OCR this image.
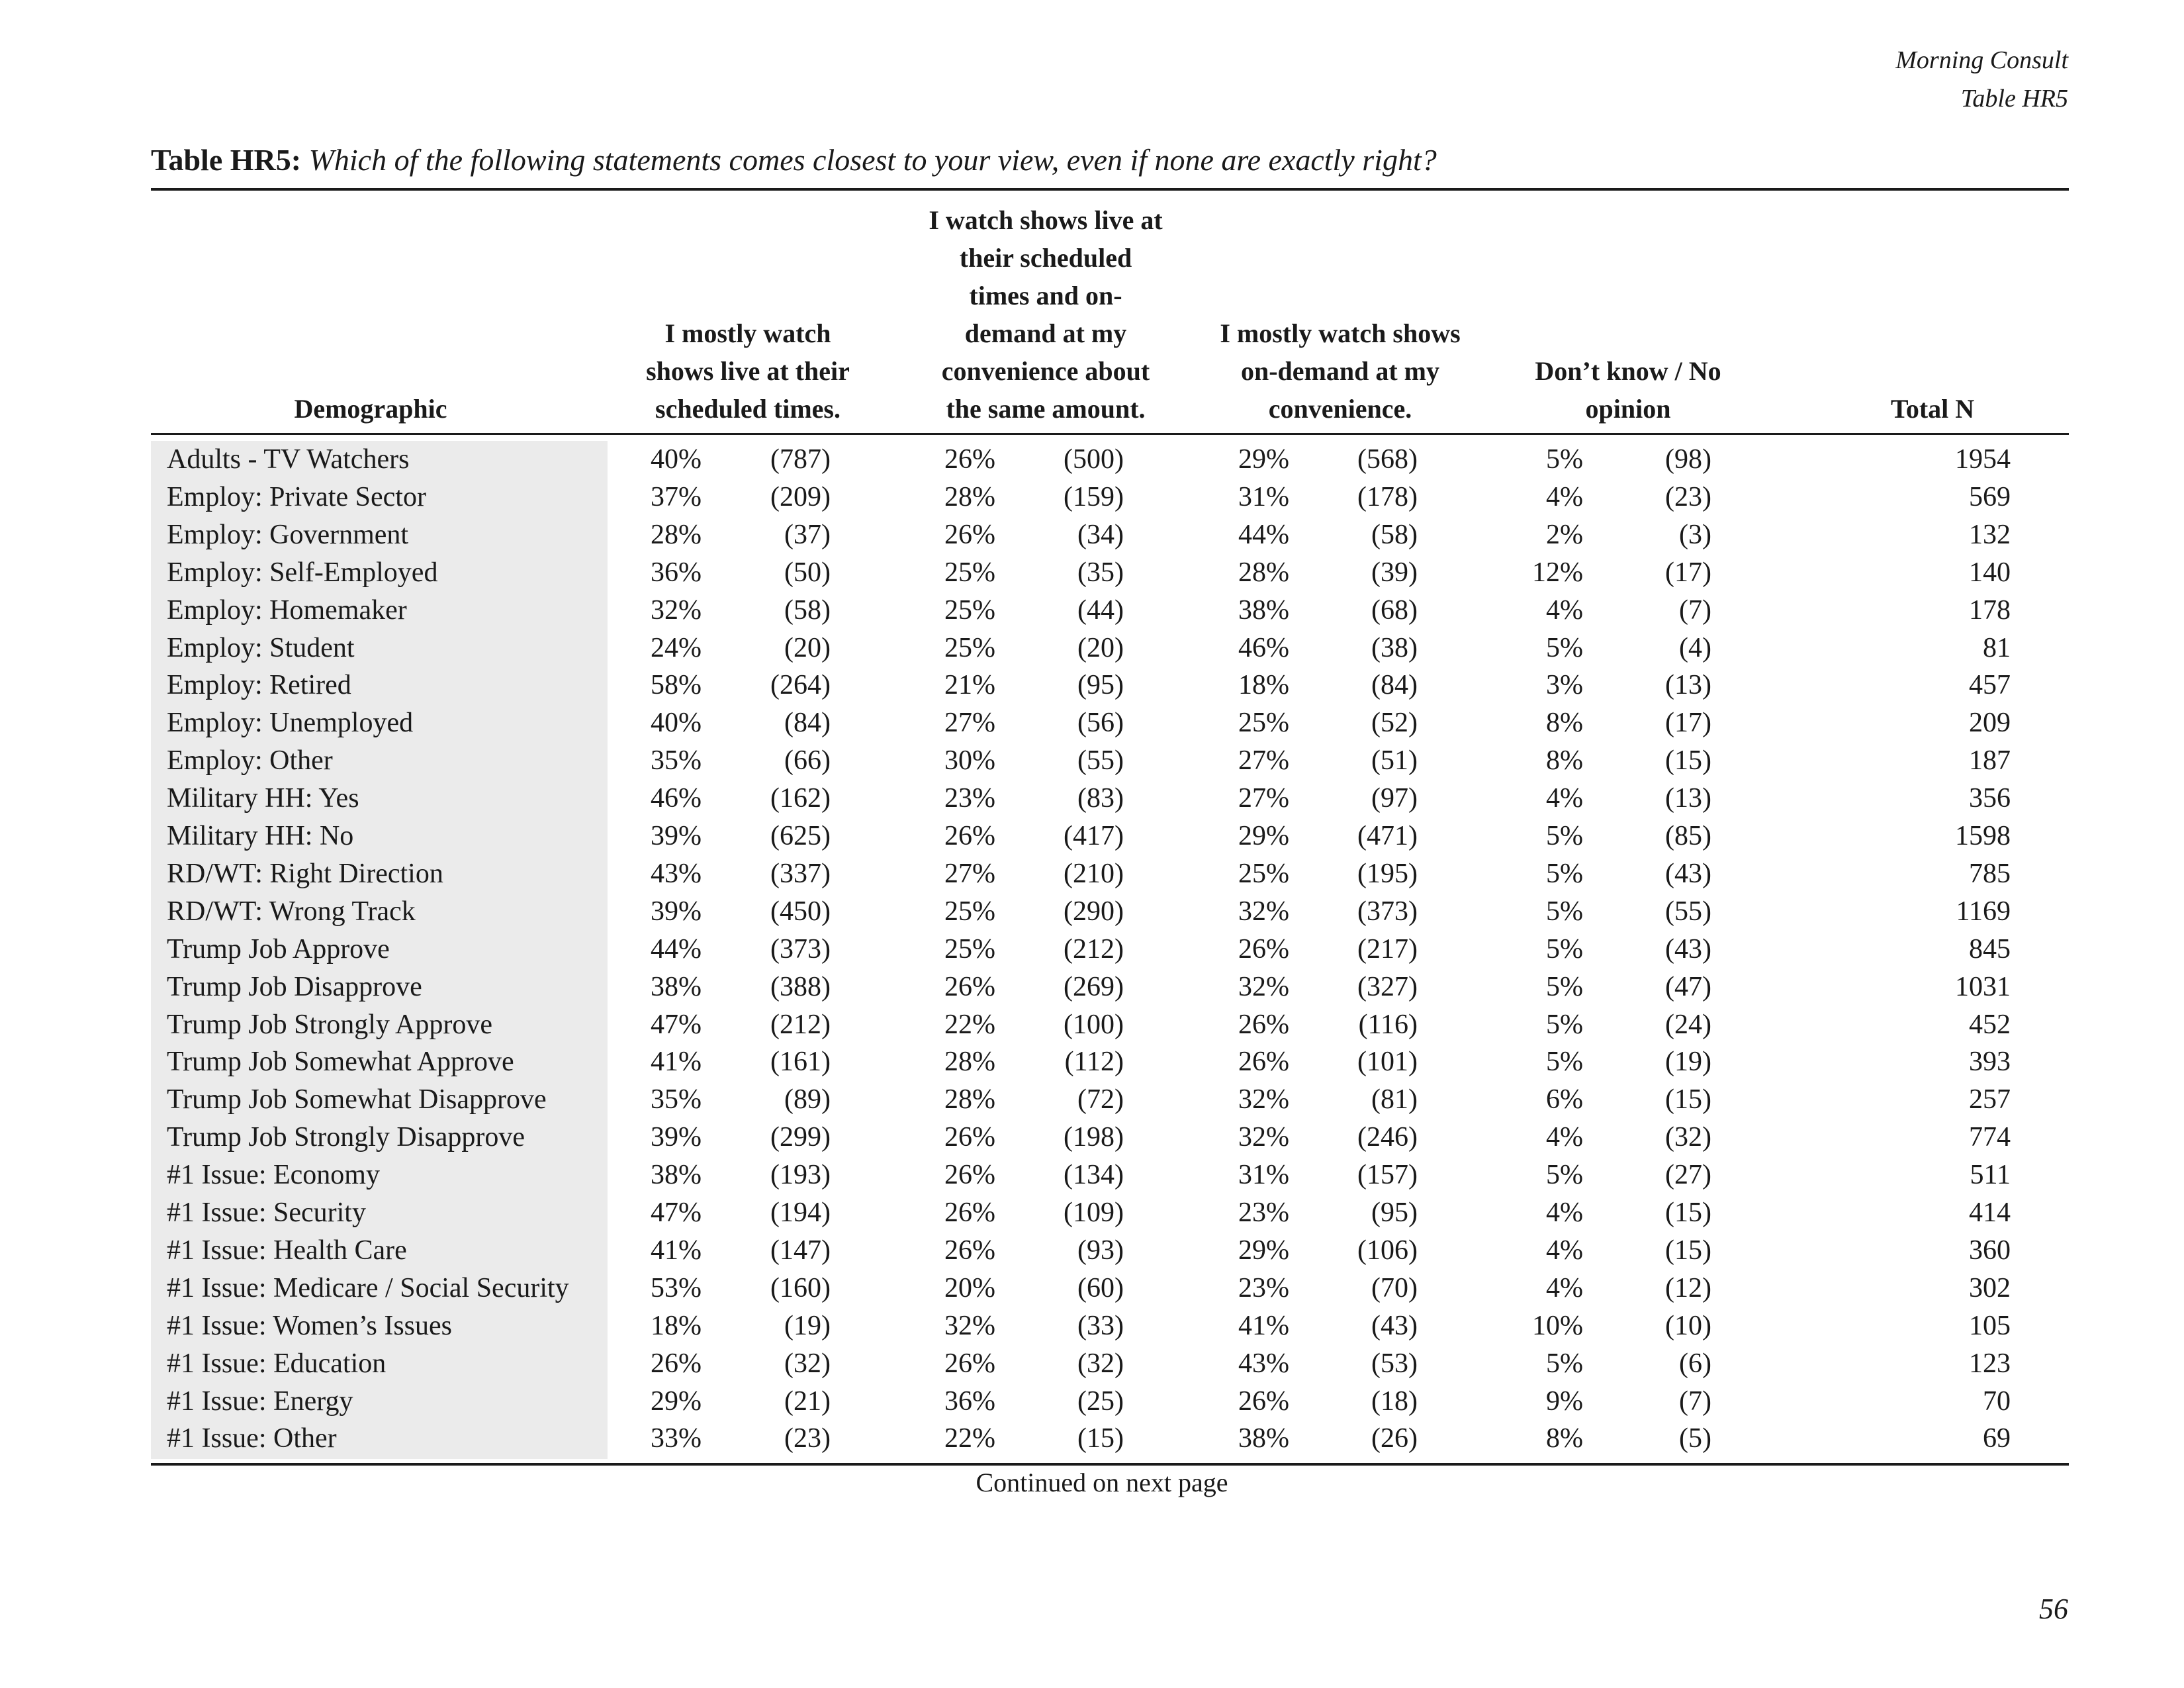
Morning Consult
Table HR5
Table HR5: Which of the following statements comes closest to your view, even if none are exactly right?
Demographic
I mostly watch shows live at their scheduled times.
I watch shows live at their scheduled times and on-demand at my convenience about the same amount.
I mostly watch shows on-demand at my convenience.
Don’t know / No opinion	Total N
Adults - TV Watchers	40%	(787)	26%	(500)	29%	(568)	5%	(98)	1954
Employ: Private Sector	37%	(209)	28%	(159)	31%	(178)	4%	(23)	569
Employ: Government	28%	(37)	26%	(34)	44%	(58)	2%	(3)	132
Employ: Self-Employed	36%	(50)	25%	(35)	28%	(39)	12%	(17)	140
Employ: Homemaker	32%	(58)	25%	(44)	38%	(68)	4%	(7)	178
Employ: Student	24%	(20)	25%	(20)	46%	(38)	5%	(4)	81
Employ: Retired	58%	(264)	21%	(95)	18%	(84)	3%	(13)	457
Employ: Unemployed	40%	(84)	27%	(56)	25%	(52)	8%	(17)	209
Employ: Other	35%	(66)	30%	(55)	27%	(51)	8%	(15)	187
Military HH: Yes	46%	(162)	23%	(83)	27%	(97)	4%	(13)	356
Military HH: No	39%	(625)	26%	(417)	29%	(471)	5%	(85)	1598
RD/WT: Right Direction	43%	(337)	27%	(210)	25%	(195)	5%	(43)	785
RD/WT: Wrong Track	39%	(450)	25%	(290)	32%	(373)	5%	(55)	1169
Trump Job Approve	44%	(373)	25%	(212)	26%	(217)	5%	(43)	845
Trump Job Disapprove	38%	(388)	26%	(269)	32%	(327)	5%	(47)	1031
Trump Job Strongly Approve	47%	(212)	22%	(100)	26%	(116)	5%	(24)	452
Trump Job Somewhat Approve	41%	(161)	28%	(112)	26%	(101)	5%	(19)	393
Trump Job Somewhat Disapprove	35%	(89)	28%	(72)	32%	(81)	6%	(15)	257
Trump Job Strongly Disapprove	39%	(299)	26%	(198)	32%	(246)	4%	(32)	774
#1 Issue: Economy	38%	(193)	26%	(134)	31%	(157)	5%	(27)	511
#1 Issue: Security	47%	(194)	26%	(109)	23%	(95)	4%	(15)	414
#1 Issue: Health Care	41%	(147)	26%	(93)	29%	(106)	4%	(15)	360
#1 Issue: Medicare / Social Security	53%	(160)	20%	(60)	23%	(70)	4%	(12)	302
#1 Issue: Women’s Issues	18%	(19)	32%	(33)	41%	(43)	10%	(10)	105
#1 Issue: Education	26%	(32)	26%	(32)	43%	(53)	5%	(6)	123
#1 Issue: Energy	29%	(21)	36%	(25)	26%	(18)	9%	(7)	70
#1 Issue: Other	33%	(23)	22%	(15)	38%	(26)	8%	(5)	69
Continued on next page
56
